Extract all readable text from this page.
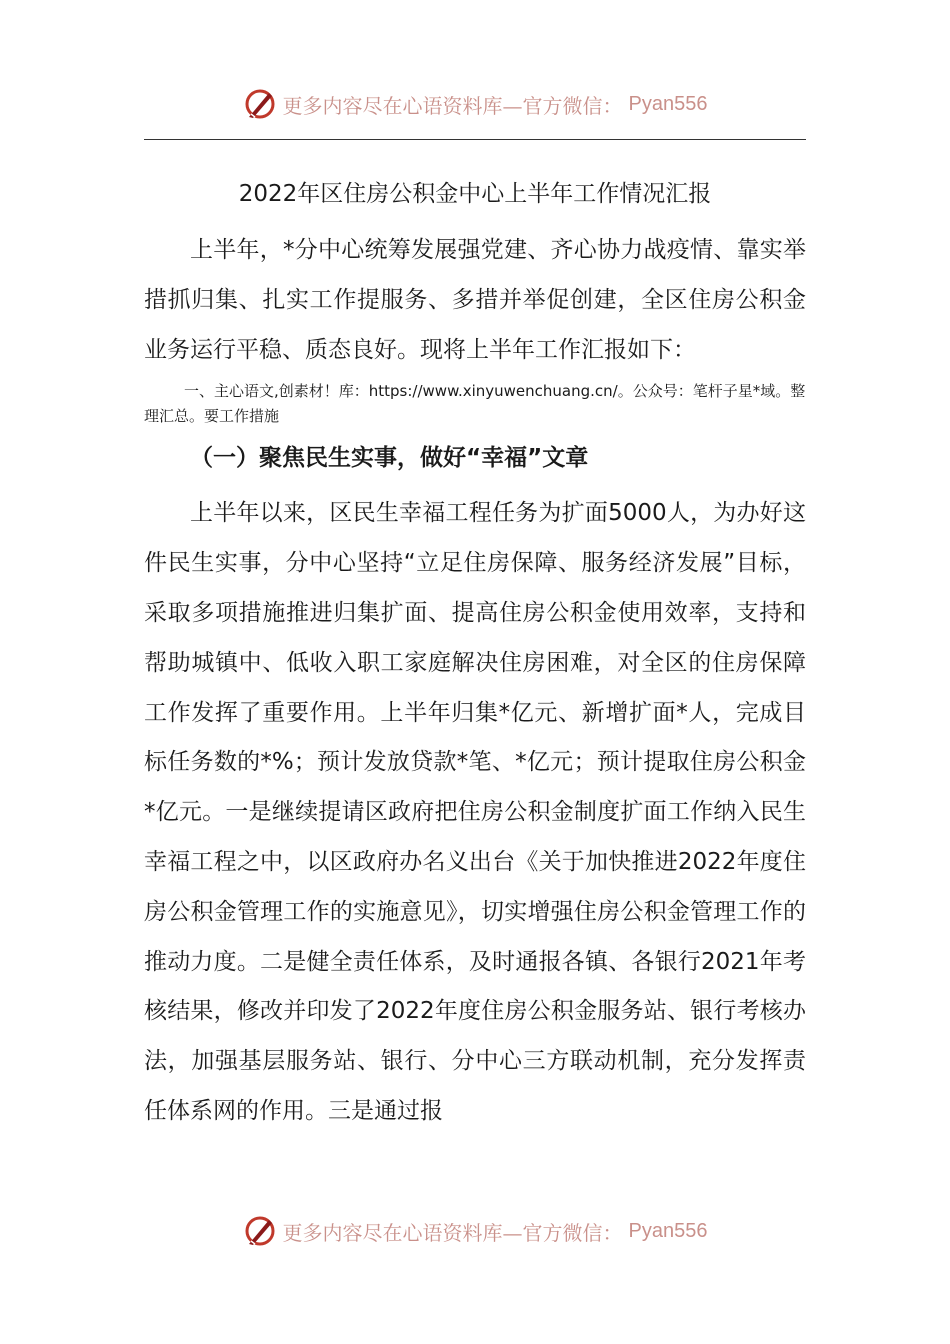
更多内容尽在心语资料库—官方微信： Pyan556
2022年区住房公积金中心上半年工作情况汇报

上半年，*分中心统筹发展强党建、齐心协力战疫情、靠实举措抓归集、扎实工作提服务、多措并举促创建，全区住房公积金业务运行平稳、质态良好。现将上半年工作汇报如下：

一、主心语文,创素材！库：https://www.xinyuwenchuang.cn/。公众号：笔杆子星*域。整理汇总。要工作措施

（一）聚焦民生实事，做好“幸福”文章

上半年以来，区民生幸福工程任务为扩面5000人，为办好这件民生实事，分中心坚持“立足住房保障、服务经济发展”目标，采取多项措施推进归集扩面、提高住房公积金使用效率，支持和帮助城镇中、低收入职工家庭解决住房困难，对全区的住房保障工作发挥了重要作用。上半年归集*亿元、新增扩面*人，完成目标任务数的*%；预计发放贷款*笔、*亿元；预计提取住房公积金*亿元。一是继续提请区政府把住房公积金制度扩面工作纳入民生幸福工程之中，以区政府办名义出台《关于加快推进2022年度住房公积金管理工作的实施意见》，切实增强住房公积金管理工作的推动力度。二是健全责任体系，及时通报各镇、各银行2021年考核结果，修改并印发了2022年度住房公积金服务站、银行考核办法，加强基层服务站、银行、分中心三方联动机制，充分发挥责任体系网的作用。三是通过报

更多内容尽在心语资料库—官方微信： Pyan556
